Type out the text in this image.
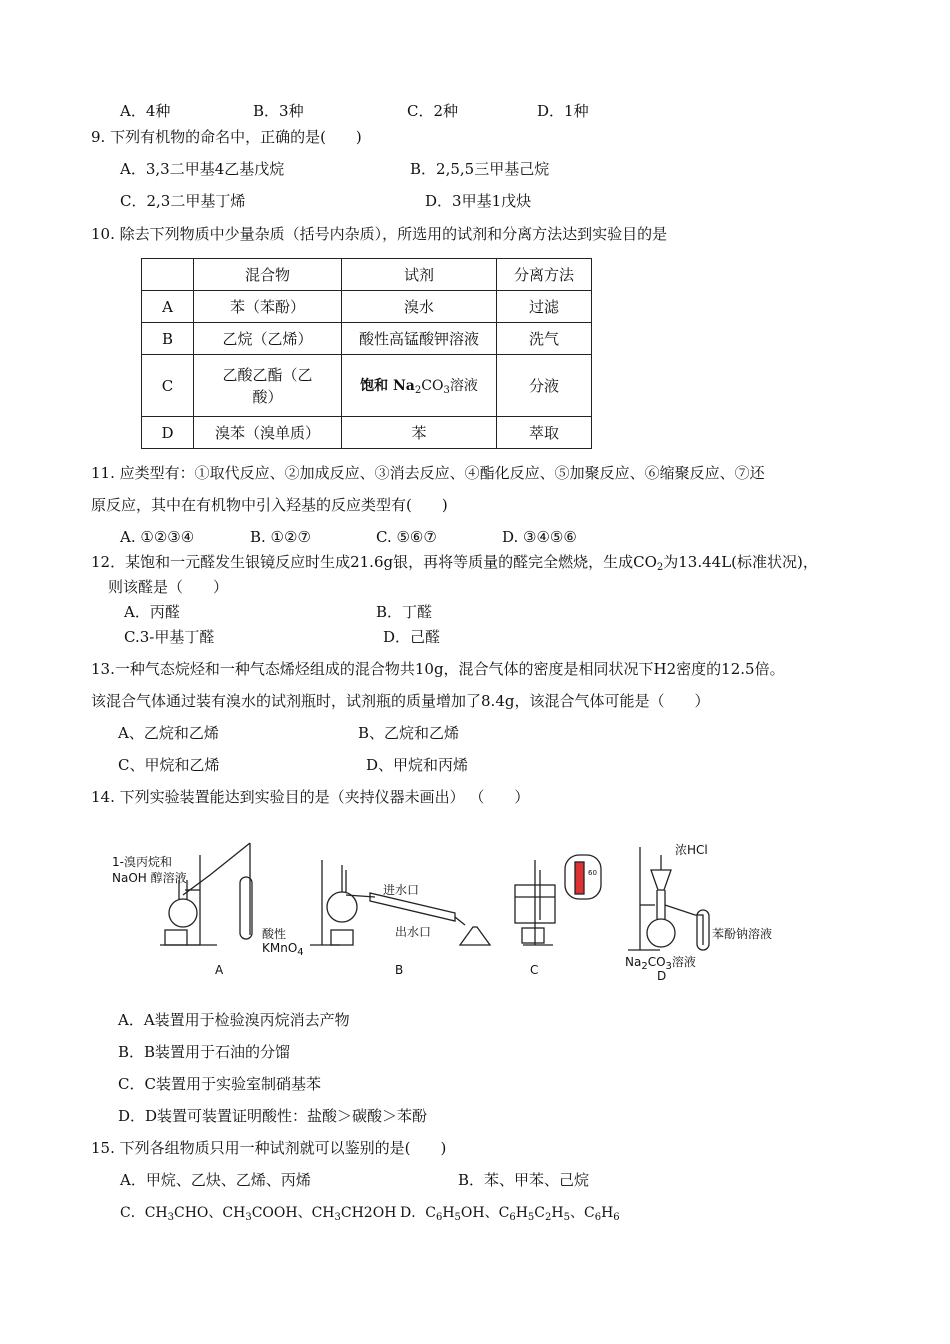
A．4种	B．3种	C．2种	D．1种
9. 下列有机物的命名中，正确的是(　　)
A．3,3二甲基4乙基戊烷	B．2,5,5三甲基己烷
C．2,3二甲基丁烯	D．3甲基1戊炔
10. 除去下列物质中少量杂质（括号内杂质），所选用的试剂和分离方法达到实验目的是
	混合物	试剂	分离方法
A	苯（苯酚）	溴水	过滤
B	乙烷（乙烯）	酸性高锰酸钾溶液	洗气
C	乙酸乙酯（乙
酸）	饱和 $Na_2CO_3$溶液	分液
D	溴苯（溴单质）	苯	萃取
11. 应类型有：①取代反应、②加成反应、③消去反应、④酯化反应、⑤加聚反应、⑥缩聚反应、⑦还
原反应，其中在有机物中引入羟基的反应类型有(　　)
A. ①②③④	B. ①②⑦	C. ⑤⑥⑦	D. ③④⑤⑥
12．某饱和一元醛发生银镜反应时生成21.6g银，再将等质量的醛完全燃烧，生成$CO_2$为13.44L(标准状况)，
则该醛是（　　）
A．丙醛	B．丁醛
C.3-甲基丁醛	D．己醛
13.一种气态烷烃和一种气态烯烃组成的混合物共10g，混合气体的密度是相同状况下H2密度的12.5倍。
该混合气体通过装有溴水的试剂瓶时，试剂瓶的质量增加了8.4g，该混合气体可能是（　　）
A、乙烷和乙烯	B、乙烷和乙烯
C、甲烷和乙烯	D、甲烷和丙烯
14. 下列实验装置能达到实验目的是（夹持仪器未画出） （　　）
1-溴丙烷和
NaOH 醇溶液
酸性
KMnO$_4$
进水口
出水口
60
浓HCl
$Na_2CO_3$溶液
苯酚钠溶液
A	B	C	D
A．A装置用于检验溴丙烷消去产物
B．B装置用于石油的分馏
C．C装置用于实验室制硝基苯
D．D装置可装置证明酸性：盐酸＞碳酸＞苯酚
15. 下列各组物质只用一种试剂就可以鉴别的是(　　)
A．甲烷、乙炔、乙烯、丙烯	B．苯、甲苯、己烷
C．$CH_3CHO$、$CH_3COOH$、$CH_3CH2OH$ D．$C_6H_5OH$、$C_6H_5C_2H_5$、$C_6H_6$
